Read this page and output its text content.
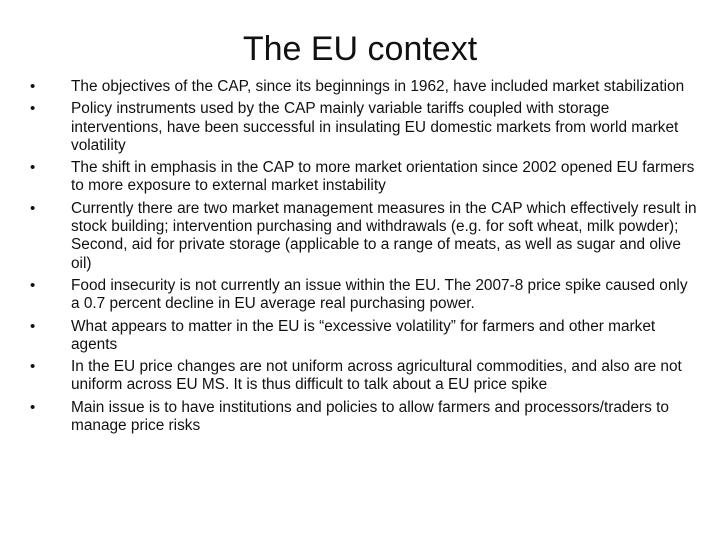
The EU context
•	The objectives of the CAP, since its beginnings in 1962, have included market stabilization
•	Policy instruments used by the CAP mainly variable tariffs coupled with storage interventions, have been successful in insulating EU domestic markets from world market volatility
•	The shift in emphasis in the CAP to more market orientation since 2002 opened EU farmers to more exposure to external market instability
•	Currently there are two market management measures in the CAP which effectively result in stock building; intervention purchasing and withdrawals (e.g. for soft wheat, milk powder); Second, aid for private storage (applicable to a range of meats, as well as sugar and olive oil)
•	Food insecurity is not currently an issue within the EU. The 2007-8 price spike caused only a 0.7 percent decline in EU average real purchasing power.
•	What appears to matter in the EU is “excessive volatility” for farmers and other market agents
•	In the EU price changes are not uniform across agricultural commodities, and also are not uniform across EU MS. It is thus difficult to talk about a EU price spike
•	Main issue is to have institutions and policies to allow farmers and processors/traders to manage price risks
